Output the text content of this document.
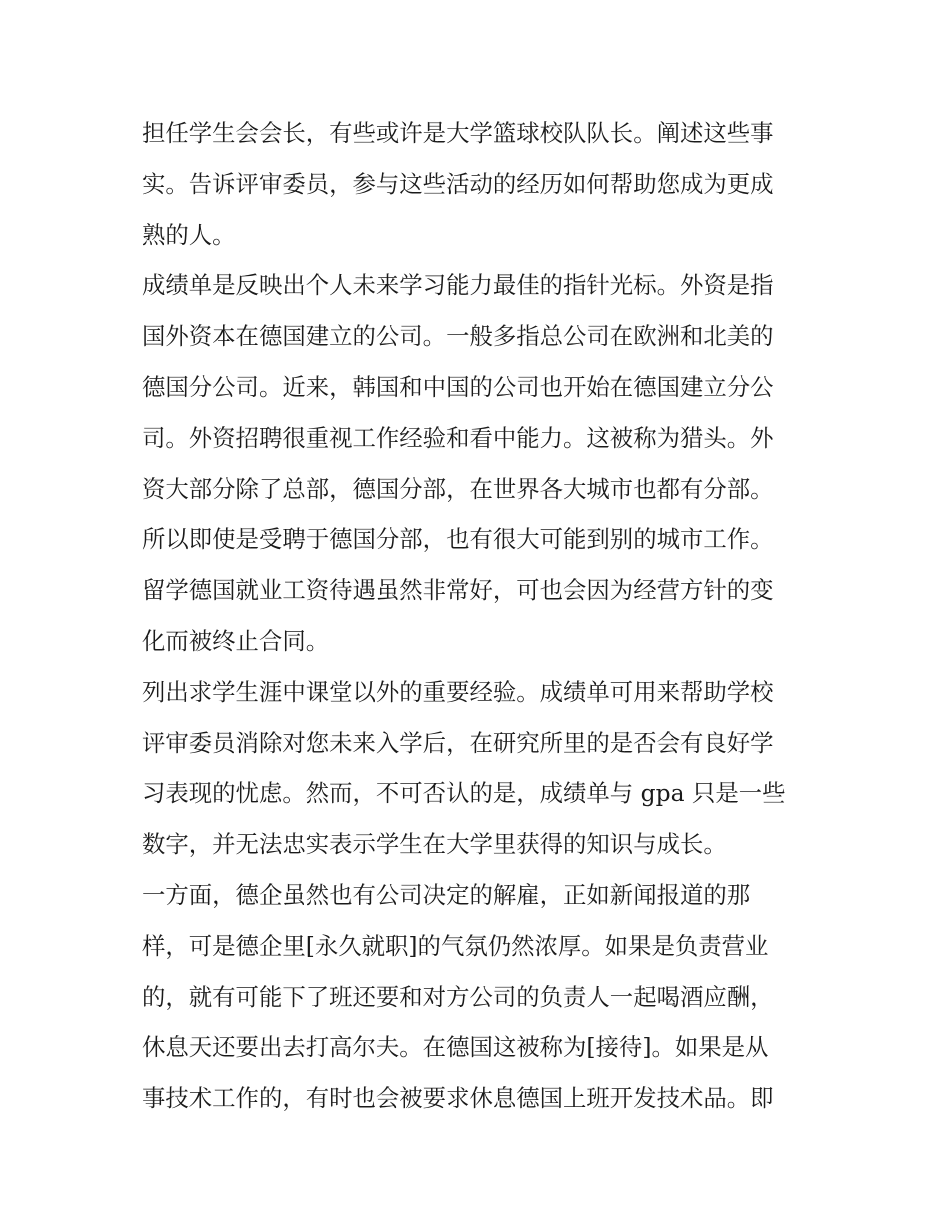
担任学生会会长，有些或许是大学篮球校队队长。阐述这些事
实。告诉评审委员，参与这些活动的经历如何帮助您成为更成
熟的人。
成绩单是反映出个人未来学习能力最佳的指针光标。外资是指
国外资本在德国建立的公司。一般多指总公司在欧洲和北美的
德国分公司。近来，韩国和中国的公司也开始在德国建立分公
司。外资招聘很重视工作经验和看中能力。这被称为猎头。外
资大部分除了总部，德国分部，在世界各大城市也都有分部。
所以即使是受聘于德国分部，也有很大可能到别的城市工作。
留学德国就业工资待遇虽然非常好，可也会因为经营方针的变
化而被终止合同。
列出求学生涯中课堂以外的重要经验。成绩单可用来帮助学校
评审委员消除对您未来入学后，在研究所里的是否会有良好学
习表现的忧虑。然而，不可否认的是，成绩单与 gpa 只是一些
数字，并无法忠实表示学生在大学里获得的知识与成长。
一方面，德企虽然也有公司决定的解雇，正如新闻报道的那
样，可是德企里[永久就职]的气氛仍然浓厚。如果是负责营业
的，就有可能下了班还要和对方公司的负责人一起喝酒应酬，
休息天还要出去打高尔夫。在德国这被称为[接待]。如果是从
事技术工作的，有时也会被要求休息德国上班开发技术品。即
